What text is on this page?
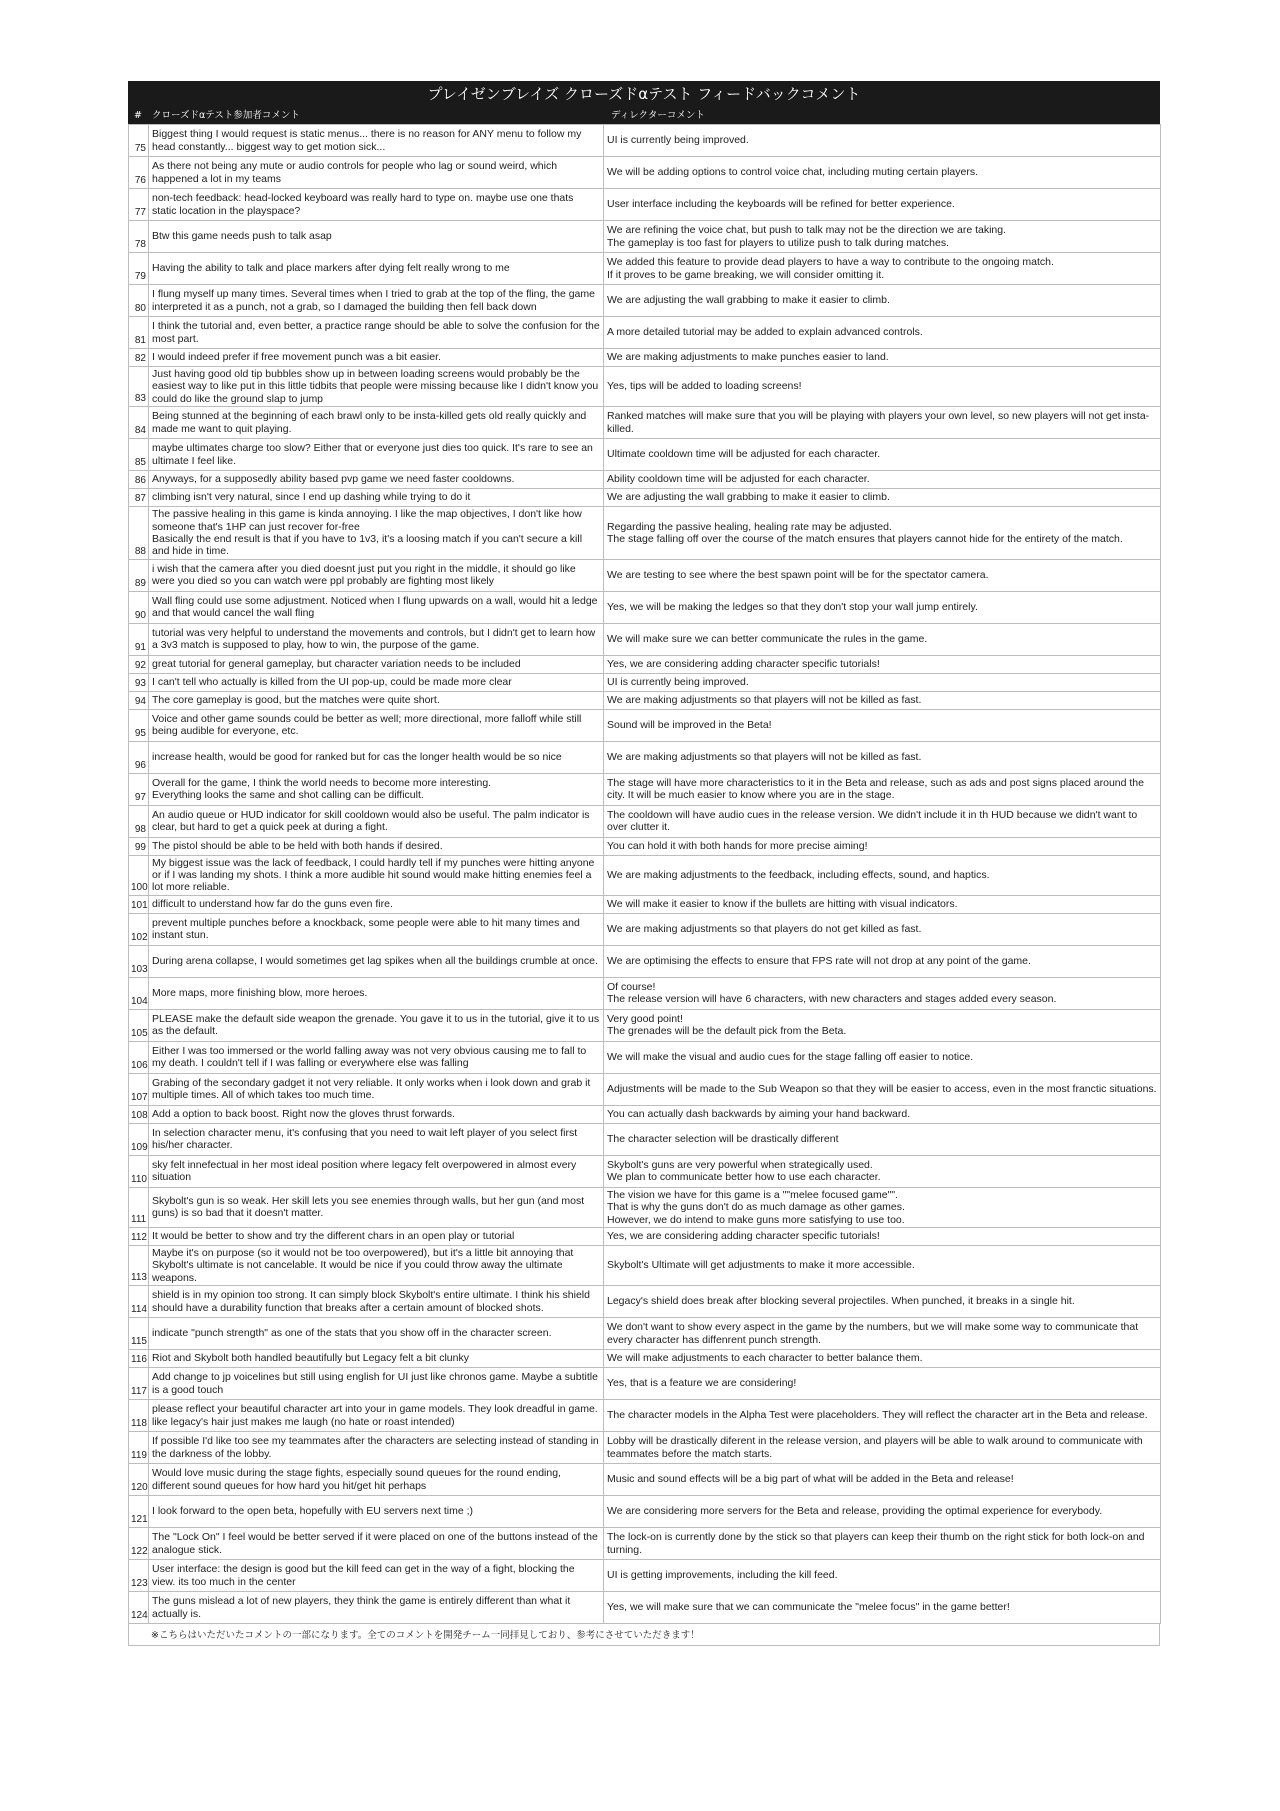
プレイゼンブレイズ クローズドαテスト フィードバックコメント
#	クローズドαテスト参加者コメント	ディレクターコメント
75	Biggest thing I would request is static menus... there is no reason for ANY menu to follow my head constantly... biggest way to get motion sick...	UI is currently being improved.
76	As there not being any mute or audio controls for people who lag or sound weird, which happened a lot in my teams	We will be adding options to control voice chat, including muting certain players.
77	non-tech feedback: head-locked keyboard was really hard to type on. maybe use one thats static location in the playspace?	User interface including the keyboards will be refined for better experience.
78	Btw this game needs push to talk asap	We are refining the voice chat, but push to talk may not be the direction we are taking.
The gameplay is too fast for players to utilize push to talk during matches.
79	Having the ability to talk and place markers after dying felt really wrong to me	We added this feature to provide dead players to have a way to contribute to the ongoing match.
If it proves to be game breaking, we will consider omitting it.
80	I flung myself up many times. Several times when I tried to grab at the top of the fling, the game interpreted it as a punch, not a grab, so I damaged the building then fell back down	We are adjusting the wall grabbing to make it easier to climb.
81	I think the tutorial and, even better, a practice range should be able to solve the confusion for the most part.	A more detailed tutorial may be added to explain advanced controls.
82	I would indeed prefer if free movement punch was a bit easier.	We are making adjustments to make punches easier to land.
83	Just having good old tip bubbles show up in between loading screens would probably be the easiest way to like put in this little tidbits that people were missing because like I didn't know you could do like the ground slap to jump	Yes, tips will be added to loading screens!
84	Being stunned at the beginning of each brawl only to be insta-killed gets old really quickly and made me want to quit playing.	Ranked matches will make sure that you will be playing with players your own level, so new players will not get insta-killed.
85	maybe ultimates charge too slow? Either that or everyone just dies too quick. It's rare to see an ultimate I feel like.	Ultimate cooldown time will be adjusted for each character.
86	Anyways, for a supposedly ability based pvp game we need faster cooldowns.	Ability cooldown time will be adjusted for each character.
87	climbing isn't very natural, since I end up dashing while trying to do it	We are adjusting the wall grabbing to make it easier to climb.
88	The passive healing in this game is kinda annoying. I like the map objectives, I don't like how someone that's 1HP can just recover for-free
Basically the end result is that if you have to 1v3, it's a loosing match if you can't secure a kill and hide in time.	Regarding the passive healing, healing rate may be adjusted.
The stage falling off over the course of the match ensures that players cannot hide for the entirety of the match.
89	i wish that the camera after you died doesnt just put you right in the middle, it should go like were you died so you can watch were ppl probably are fighting most likely	We are testing to see where the best spawn point will be for the spectator camera.
90	Wall fling could use some adjustment. Noticed when I flung upwards on a wall, would hit a ledge and that would cancel the wall fling	Yes, we will be making the ledges so that they don't stop your wall jump entirely.
91	tutorial was very helpful to understand the movements and controls, but I didn't get to learn how a 3v3 match is supposed to play, how to win, the purpose of the game.	We will make sure we can better communicate the rules in the game.
92	great tutorial for general gameplay, but character variation needs to be included	Yes, we are considering adding character specific tutorials!
93	I can't tell who actually is killed from the UI pop-up, could be made more clear	UI is currently being improved.
94	The core gameplay is good, but the matches were quite short.	We are making adjustments so that players will not be killed as fast.
95	Voice and other game sounds could be better as well; more directional, more falloff while still being audible for everyone, etc.	Sound will be improved in the Beta!
96	increase health, would be good for ranked but for cas the longer health would be so nice	We are making adjustments so that players will not be killed as fast.
97	Overall for the game, I think the world needs to become more interesting.
Everything looks the same and shot calling can be difficult.	The stage will have more characteristics to it in the Beta and release, such as ads and post signs placed around the city. It will be much easier to know where you are in the stage.
98	An audio queue or HUD indicator for skill cooldown would also be useful. The palm indicator is clear, but hard to get a quick peek at during a fight.	The cooldown will have audio cues in the release version. We didn't include it in th HUD because we didn't want to over clutter it.
99	The pistol should be able to be held with both hands if desired.	You can hold it with both hands for more precise aiming!
100	My biggest issue was the lack of feedback, I could hardly tell if my punches were hitting anyone or if I was landing my shots. I think a more audible hit sound would make hitting enemies feel a lot more reliable.	We are making adjustments to the feedback, including effects, sound, and haptics.
101	difficult to understand how far do the guns even fire.	We will make it easier to know if the bullets are hitting with visual indicators.
102	prevent multiple punches before a knockback, some people were able to hit many times and instant stun.	We are making adjustments so that players do not get killed as fast.
103	During arena collapse, I would sometimes get lag spikes when all the buildings crumble at once.	We are optimising the effects to ensure that FPS rate will not drop at any point of the game.
104	More maps, more finishing blow, more heroes.	Of course!
The release version will have 6 characters, with new characters and stages added every season.
105	PLEASE make the default side weapon the grenade. You gave it to us in the tutorial, give it to us as the default.	Very good point!
The grenades will be the default pick from the Beta.
106	Either I was too immersed or the world falling away was not very obvious causing me to fall to my death. I couldn't tell if I was falling or everywhere else was falling	We will make the visual and audio cues for the stage falling off easier to notice.
107	Grabing of the secondary gadget it not very reliable. It only works when i look down and grab it multiple times. All of which takes too much time.	Adjustments will be made to the Sub Weapon so that they will be easier to access, even in the most franctic situations.
108	Add a option to back boost. Right now the gloves thrust forwards.	You can actually dash backwards by aiming your hand backward.
109	In selection character menu, it's confusing that you need to wait left player of you select first his/her character.	The character selection will be drastically different
110	sky felt innefectual in her most ideal position where legacy felt overpowered in almost every situation	Skybolt's guns are very powerful when strategically used.
We plan to communicate better how to use each character.
111	Skybolt's gun is so weak. Her skill lets you see enemies through walls, but her gun (and most guns) is so bad that it doesn't matter.	The vision we have for this game is a ""melee focused game"".
That is why the guns don't do as much damage as other games.
However, we do intend to make guns more satisfying to use too.
112	It would be better to show and try the different chars in an open play or tutorial	Yes, we are considering adding character specific tutorials!
113	Maybe it's on purpose (so it would not be too overpowered), but it's a little bit annoying that Skybolt's ultimate is not cancelable. It would be nice if you could throw away the ultimate weapons.	Skybolt's Ultimate will get adjustments to make it more accessible.
114	shield is in my opinion too strong. It can simply block Skybolt's entire ultimate. I think his shield should have a durability function that breaks after a certain amount of blocked shots.	Legacy's shield does break after blocking several projectiles. When punched, it breaks in a single hit.
115	indicate "punch strength" as one of the stats that you show off in the character screen.	We don't want to show every aspect in the game by the numbers, but we will make some way to communicate that every character has diffenrent punch strength.
116	Riot and Skybolt both handled beautifully but Legacy felt a bit clunky	We will make adjustments to each character to better balance them.
117	Add change to jp voicelines but still using english for UI just like chronos game. Maybe a subtitle is a good touch	Yes, that is a feature we are considering!
118	please reflect your beautiful character art into your in game models. They look dreadful in game. like legacy's hair just makes me laugh (no hate or roast intended)	The character models in the Alpha Test were placeholders. They will reflect the character art in the Beta and release.
119	If possible I'd like too see my teammates after the characters are selecting instead of standing in the darkness of the lobby.	Lobby will be drastically diferent in the release version, and players will be able to walk around to communicate with teammates before the match starts.
120	Would love music during the stage fights, especially sound queues for the round ending, different sound queues for how hard you hit/get hit perhaps	Music and sound effects will be a big part of what will be added in the Beta and release!
121	I look forward to the open beta, hopefully with EU servers next time ;)	We are considering more servers for the Beta and release, providing the optimal experience for everybody.
122	The "Lock On" I feel would be better served if it were placed on one of the buttons instead of the analogue stick.	The lock-on is currently done by the stick so that players can keep their thumb on the right stick for both lock-on and turning.
123	User interface: the design is good but the kill feed can get in the way of a fight, blocking the view. its too much in the center	UI is getting improvements, including the kill feed.
124	The guns mislead a lot of new players, they think the game is entirely different than what it actually is.	Yes, we will make sure that we can communicate the "melee focus" in the game better!
※こちらはいただいたコメントの一部になります。全てのコメントを開発チーム一同拝見しており、参考にさせていただきます！
